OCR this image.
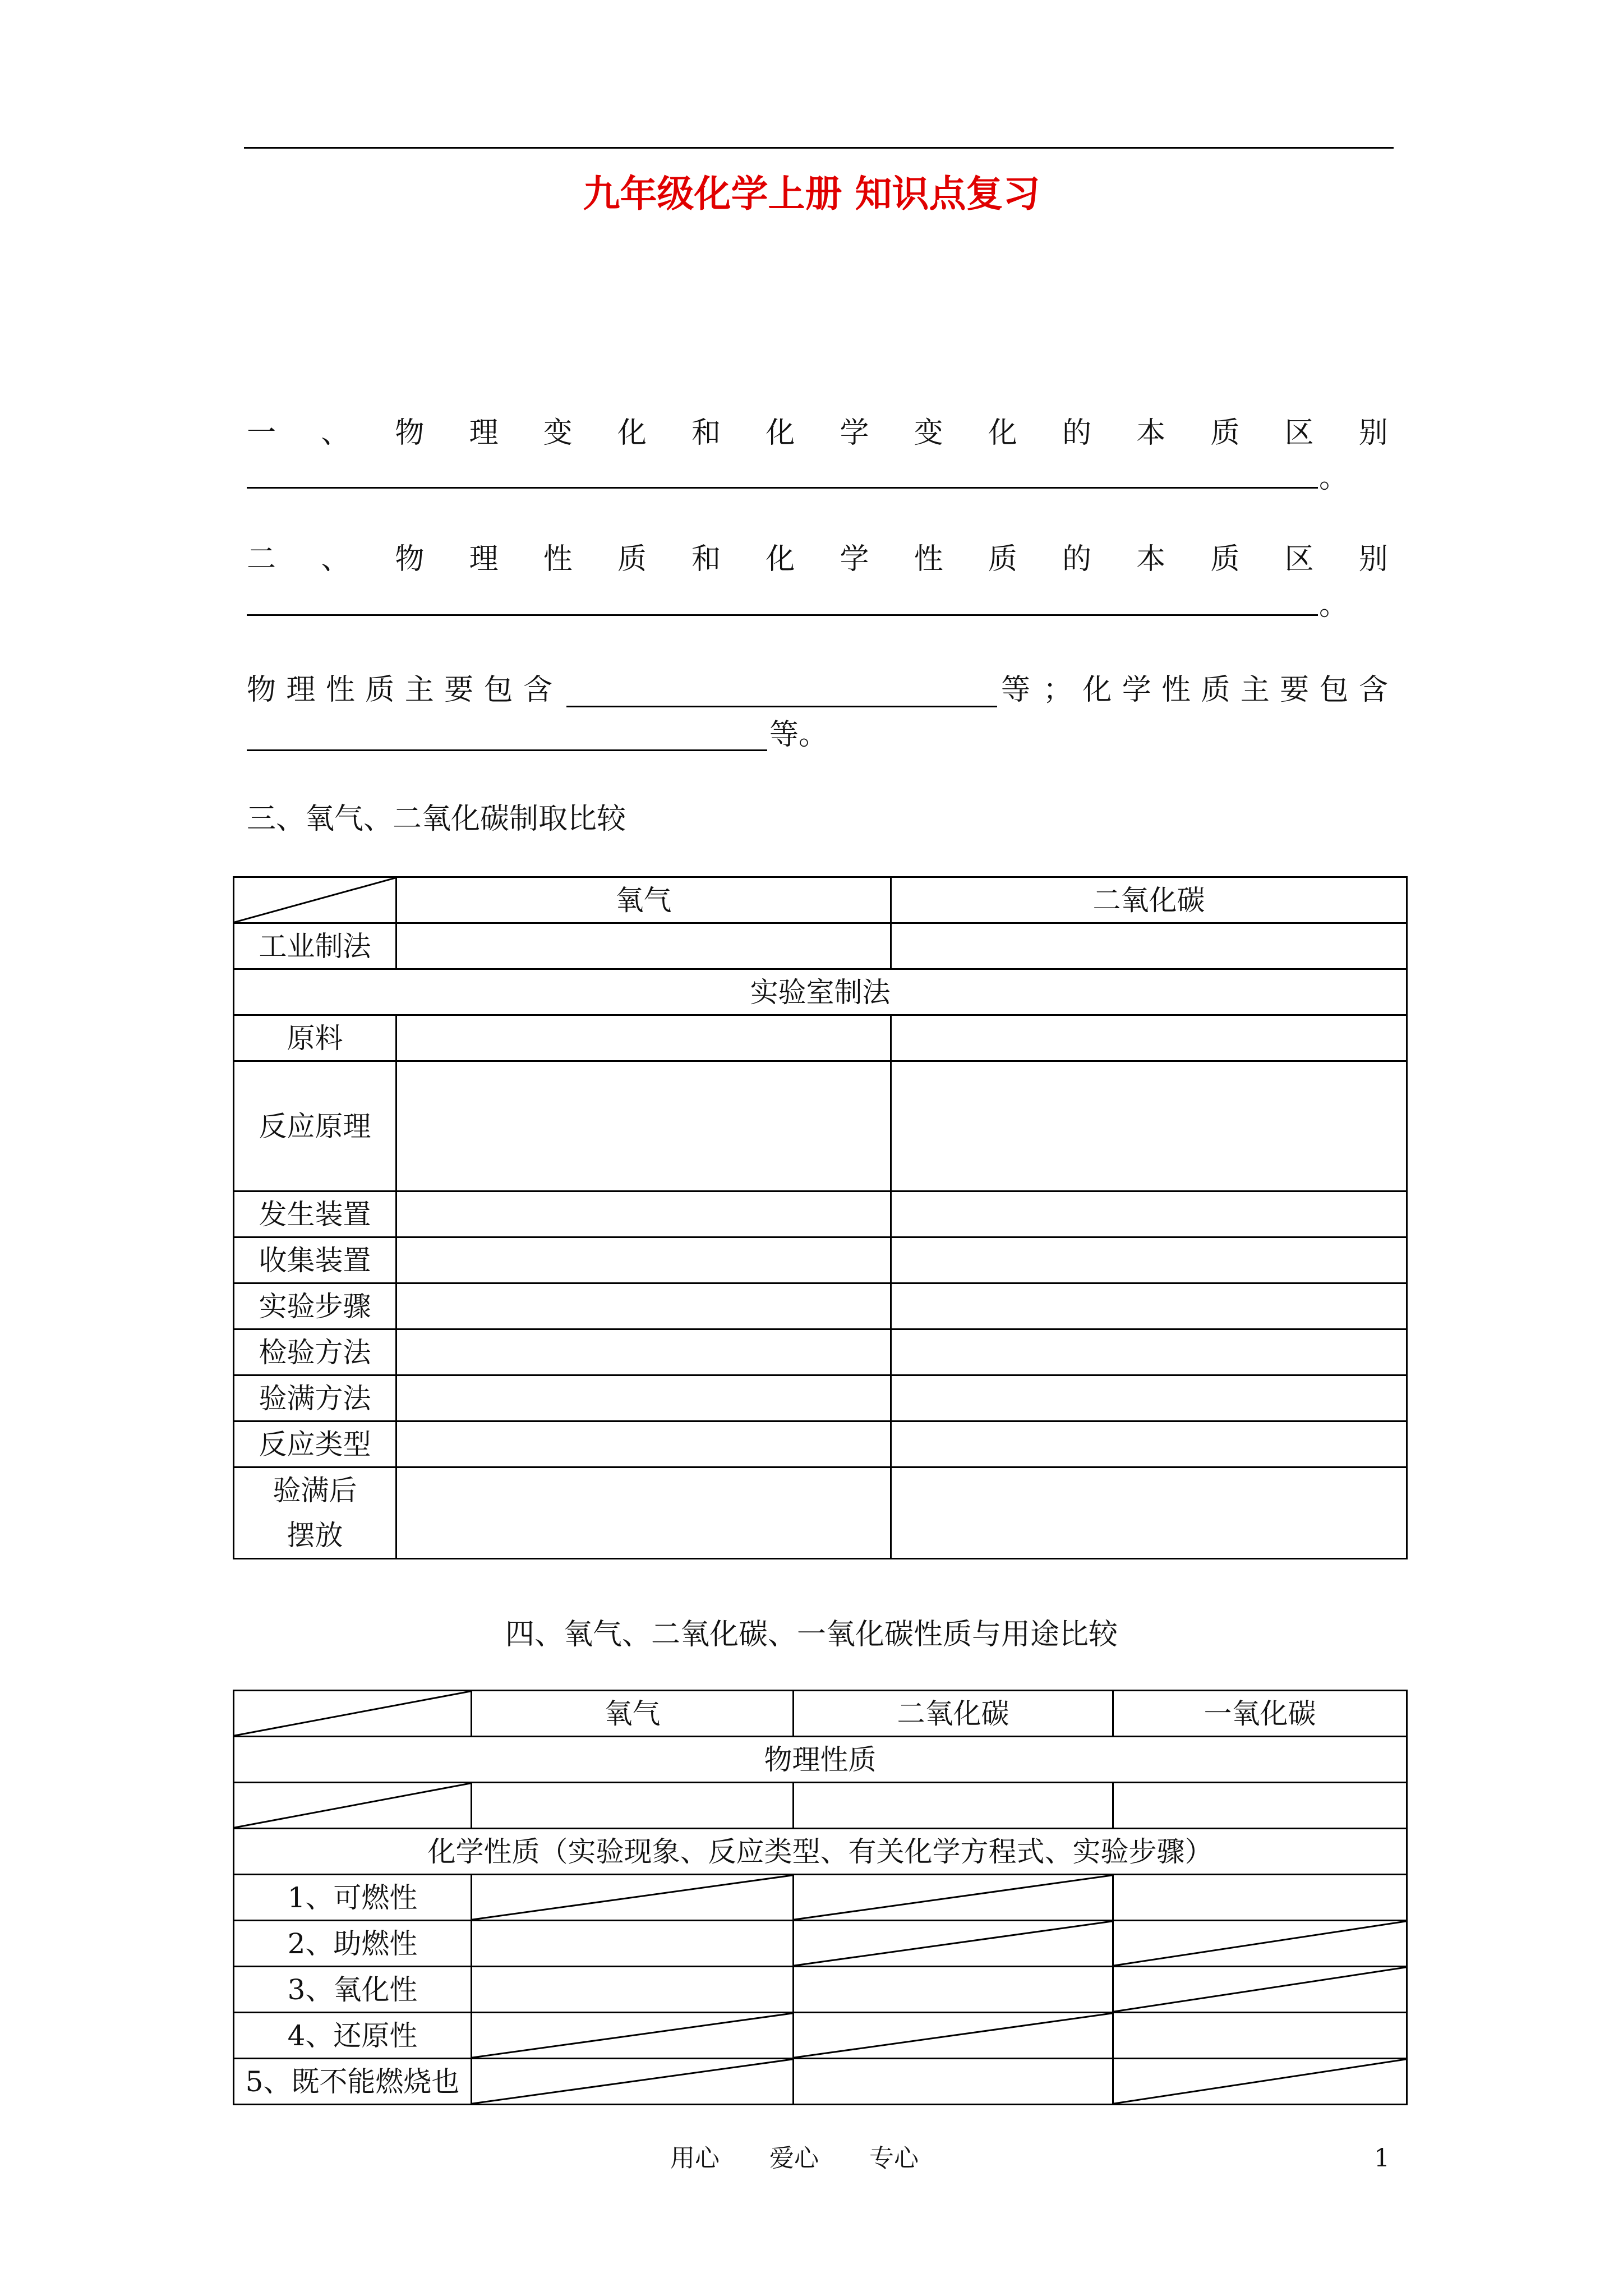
九年级化学上册 知识点复习
一 、 物 理 变 化 和 化 学 变 化 的 本 质 区 别
。
二 、 物 理 性 质 和 化 学 性 质 的 本 质 区 别
。
物 理 性 质 主 要 包 含	等 ； 化 学 性 质 主 要 包 含
等。
三、氧气、二氧化碳制取比较
	氧气	二氧化碳
工业制法		
实验室制法		
原料		
反应原理		
发生装置		
收集装置		
实验步骤		
检验方法		
验满方法		
反应类型		

验满后摆放		

四、氧气、二氧化碳、一氧化碳性质与用途比较
	氧气	二氧化碳	一氧化碳
物理性质			

化学性质（实验现象、反应类型、有关化学方程式、实验步骤）			
1、可燃性	

2、助燃性		

3、氧化性			

4、还原性	

5、既不能燃烧也	

用心 爱心 专心	1
